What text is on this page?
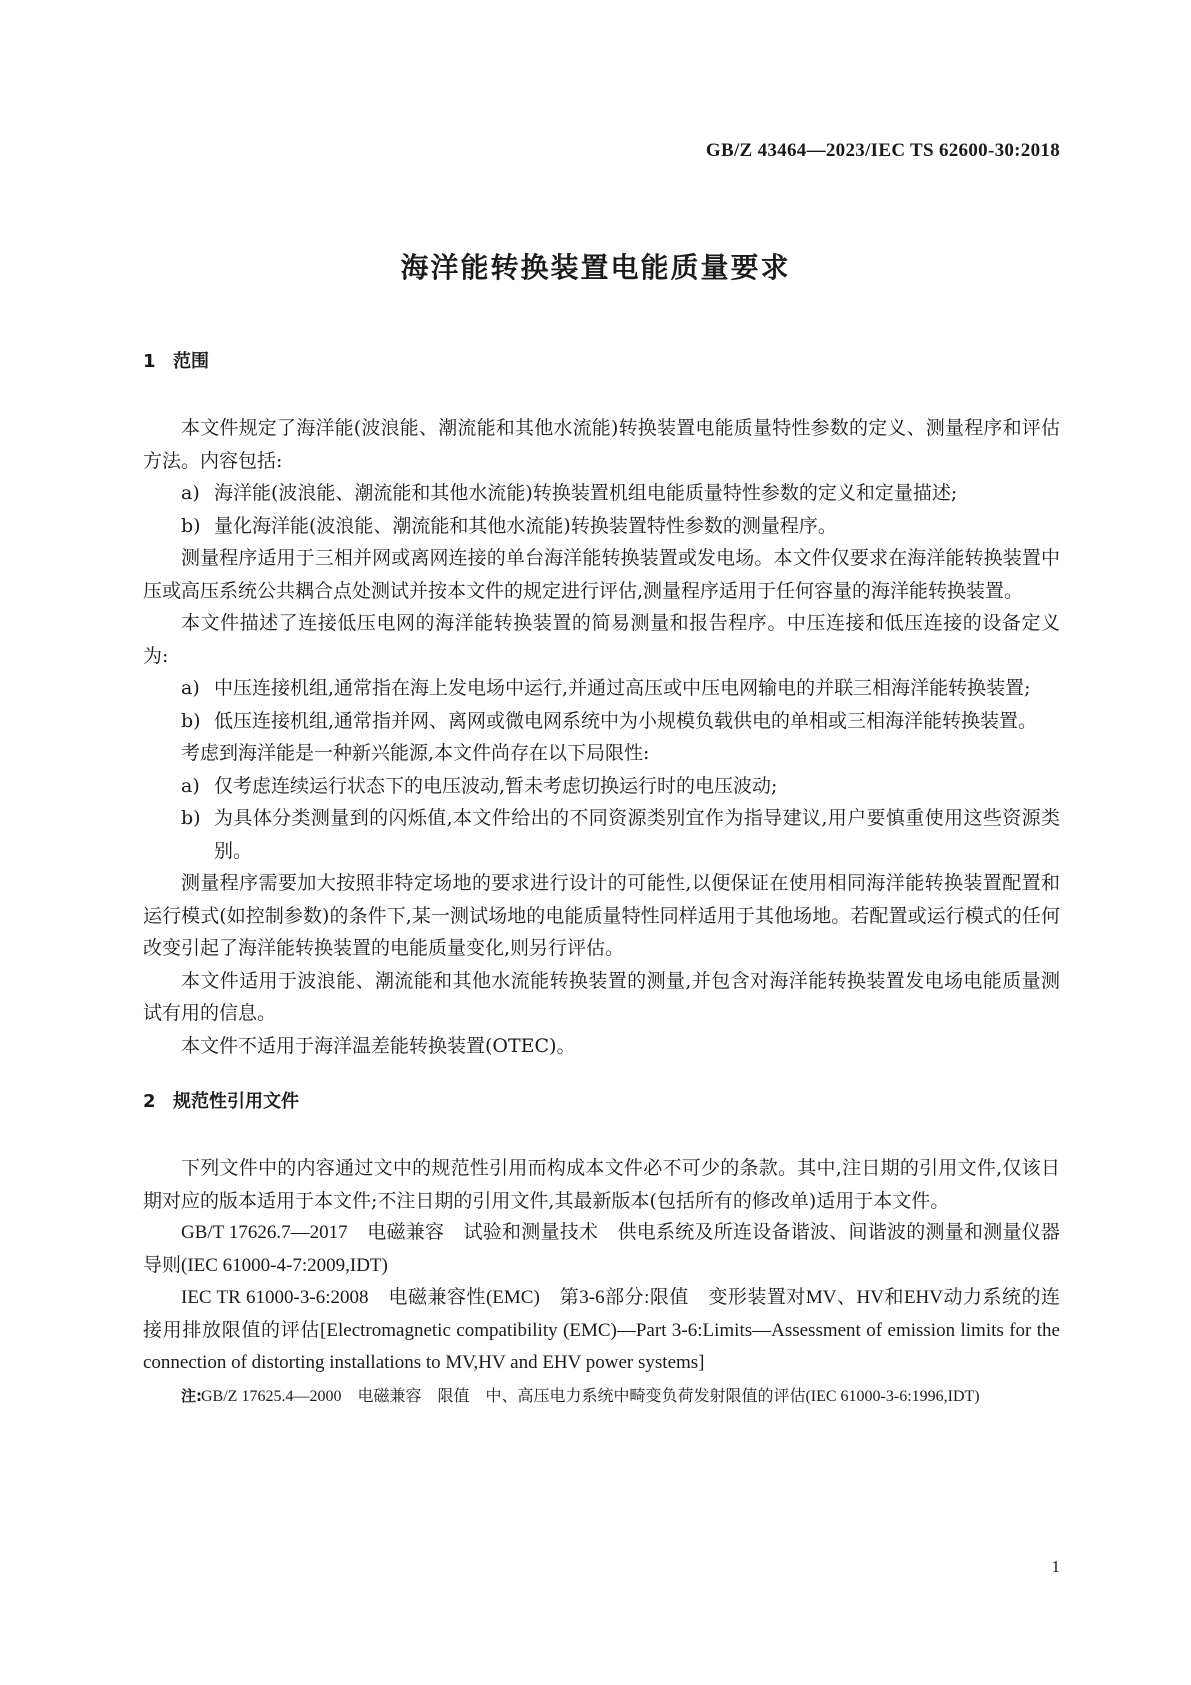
GB/Z 43464—2023/IEC TS 62600-30:2018
海洋能转换装置电能质量要求
1 范围

本文件规定了海洋能(波浪能、潮流能和其他水流能)转换装置电能质量特性参数的定义、测量程序和评估方法。内容包括:

a) 海洋能(波浪能、潮流能和其他水流能)转换装置机组电能质量特性参数的定义和定量描述;
b) 量化海洋能(波浪能、潮流能和其他水流能)转换装置特性参数的测量程序。

测量程序适用于三相并网或离网连接的单台海洋能转换装置或发电场。本文件仅要求在海洋能转换装置中压或高压系统公共耦合点处测试并按本文件的规定进行评估,测量程序适用于任何容量的海洋能转换装置。

本文件描述了连接低压电网的海洋能转换装置的简易测量和报告程序。中压连接和低压连接的设备定义为:

a) 中压连接机组,通常指在海上发电场中运行,并通过高压或中压电网输电的并联三相海洋能转换装置;
b) 低压连接机组,通常指并网、离网或微电网系统中为小规模负载供电的单相或三相海洋能转换装置。

考虑到海洋能是一种新兴能源,本文件尚存在以下局限性:

a) 仅考虑连续运行状态下的电压波动,暂未考虑切换运行时的电压波动;
b) 为具体分类测量到的闪烁值,本文件给出的不同资源类别宜作为指导建议,用户要慎重使用这些资源类别。

测量程序需要加大按照非特定场地的要求进行设计的可能性,以便保证在使用相同海洋能转换装置配置和运行模式(如控制参数)的条件下,某一测试场地的电能质量特性同样适用于其他场地。若配置或运行模式的任何改变引起了海洋能转换装置的电能质量变化,则另行评估。

本文件适用于波浪能、潮流能和其他水流能转换装置的测量,并包含对海洋能转换装置发电场电能质量测试有用的信息。

本文件不适用于海洋温差能转换装置(OTEC)。

2 规范性引用文件

下列文件中的内容通过文中的规范性引用而构成本文件必不可少的条款。其中,注日期的引用文件,仅该日期对应的版本适用于本文件;不注日期的引用文件,其最新版本(包括所有的修改单)适用于本文件。

GB/T 17626.7—2017　电磁兼容　试验和测量技术　供电系统及所连设备谐波、间谐波的测量和测量仪器导则(IEC 61000-4-7:2009,IDT)

IEC TR 61000-3-6:2008　电磁兼容性(EMC)　第3-6部分:限值　变形装置对MV、HV和EHV动力系统的连接用排放限值的评估[Electromagnetic compatibility (EMC)—Part 3-6:Limits—Assessment of emission limits for the connection of distorting installations to MV,HV and EHV power systems]

注: GB/Z 17625.4—2000　电磁兼容　限值　中、高压电力系统中畸变负荷发射限值的评估(IEC 61000-3-6:1996,IDT)
1
